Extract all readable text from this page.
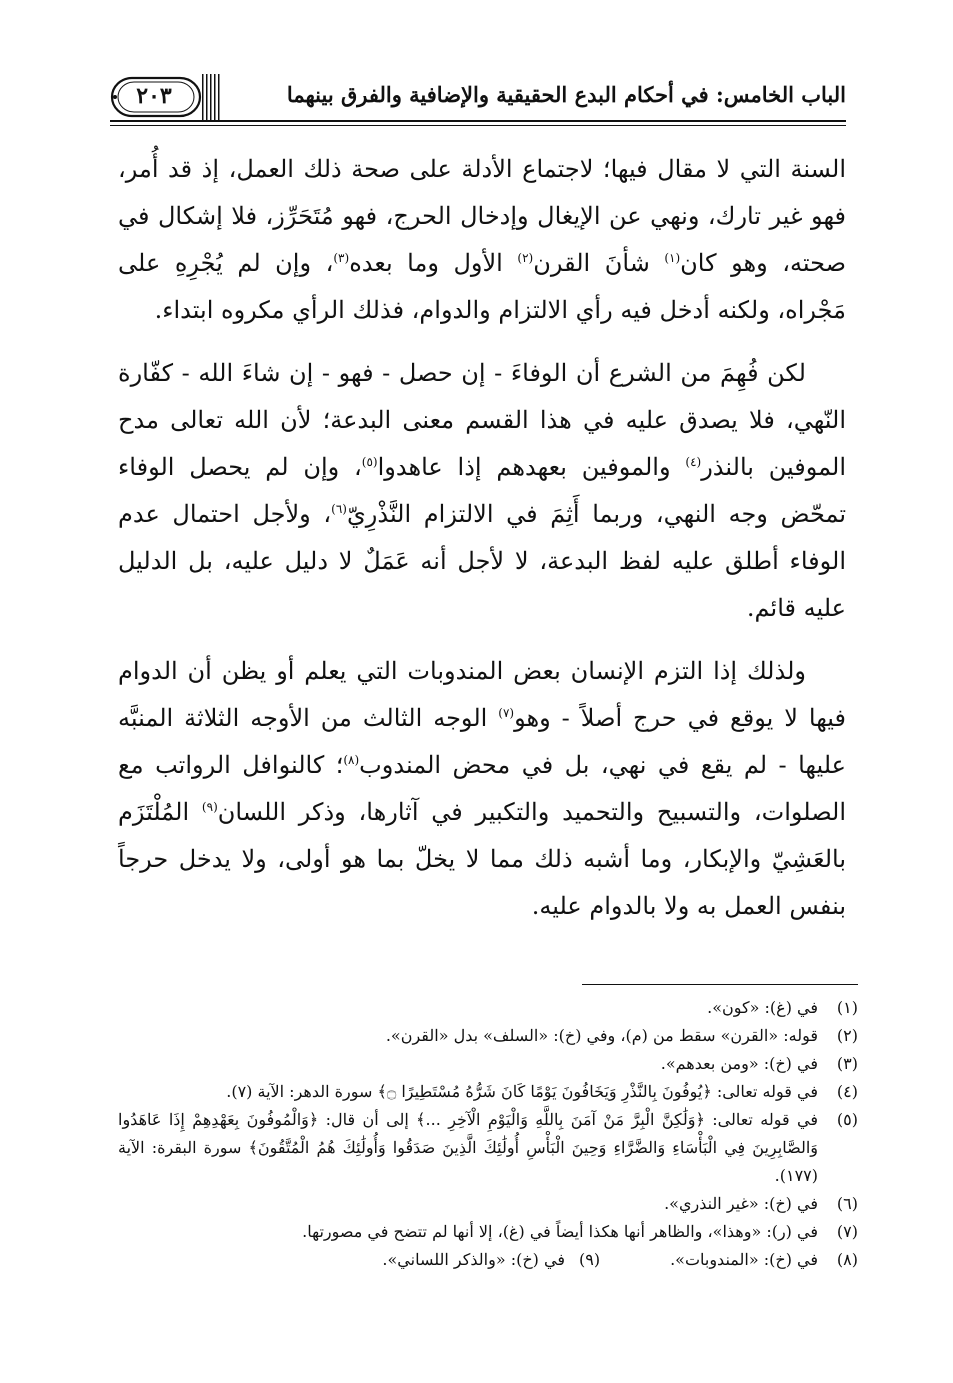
٢٠٣	الباب الخامس: في أحكام البدع الحقيقية والإضافية والفرق بينهما

السنة التي لا مقال فيها؛ لاجتماع الأدلة على صحة ذلك العمل، إذ قد أُمر، فهو غير تارك، ونهي عن الإيغال وإدخال الحرج، فهو مُتَحَرِّز، فلا إشكال في صحته، وهو كان$^{(١)}$ شأنَ القرن$^{(٢)}$ الأول وما بعده$^{(٣)}$، وإن لم يُجْرِهِ على مَجْراه، ولكنه أدخل فيه رأي الالتزام والدوام، فذلك الرأي مكروه ابتداء.

لكن فُهِمَ من الشرع أن الوفاءَ - إن حصل - فهو - إن شاءَ الله - كفّارة النّهي، فلا يصدق عليه في هذا القسم معنى البدعة؛ لأن الله تعالى مدح الموفين بالنذر$^{(٤)}$ والموفين بعهدهم إذا عاهدوا$^{(٥)}$، وإن لم يحصل الوفاء تمحّض وجه النهي، وربما أَثِمَ في الالتزام النَّذْرِيّ$^{(٦)}$، ولأجل احتمال عدم الوفاء أطلق عليه لفظ البدعة، لا لأجل أنه عَمَلٌ لا دليل عليه، بل الدليل عليه قائم.

ولذلك إذا التزم الإنسان بعض المندوبات التي يعلم أو يظن أن الدوام فيها لا يوقع في حرج أصلاً - وهو$^{(٧)}$ الوجه الثالث من الأوجه الثلاثة المنبَّه عليها - لم يقع في نهي، بل في محض المندوب$^{(٨)}$؛ كالنوافل الرواتب مع الصلوات، والتسبيح والتحميد والتكبير في آثارها، وذكر اللسان$^{(٩)}$ المُلْتَزَم بالعَشِيّ والإبكار، وما أشبه ذلك مما لا يخلّ بما هو أولى، ولا يدخل حرجاً بنفس العمل به ولا بالدوام عليه.

(١)
في (غ): «كون».
(٢)
قوله: «القرن» سقط من (م)، وفي (خ): «السلف» بدل «القرن».
(٣)
في (خ): «ومن بعدهم».
(٤)
في قوله تعالى: ﴿يُوفُونَ بِالنَّذْرِ وَيَخَافُونَ يَوْمًا كَانَ شَرُّهُ مُسْتَطِيرًا ۝﴾ سورة الدهر: الآية (٧).
(٥)
في قوله تعالى: ﴿وَلَٰكِنَّ الْبِرَّ مَنْ آمَنَ بِاللَّهِ وَالْيَوْمِ الْآخِرِ ...﴾ إلى أن قال: ﴿وَالْمُوفُونَ بِعَهْدِهِمْ إِذَا عَاهَدُوا وَالصَّابِرِينَ فِي الْبَأْسَاءِ وَالضَّرَّاءِ وَحِينَ الْبَأْسِ أُولَٰئِكَ الَّذِينَ صَدَقُوا وَأُولَٰئِكَ هُمُ الْمُتَّقُونَ﴾ سورة البقرة: الآية (١٧٧).
(٦)
في (خ): «غير النذري».
(٧)
في (ر): «وهذا»، والظاهر أنها هكذا أيضاً في (غ)، إلا أنها لم تتضح في مصورتها.
(٨)
في (خ): «المندوبات».
(٩)
في (خ): «والذكر اللساني».
